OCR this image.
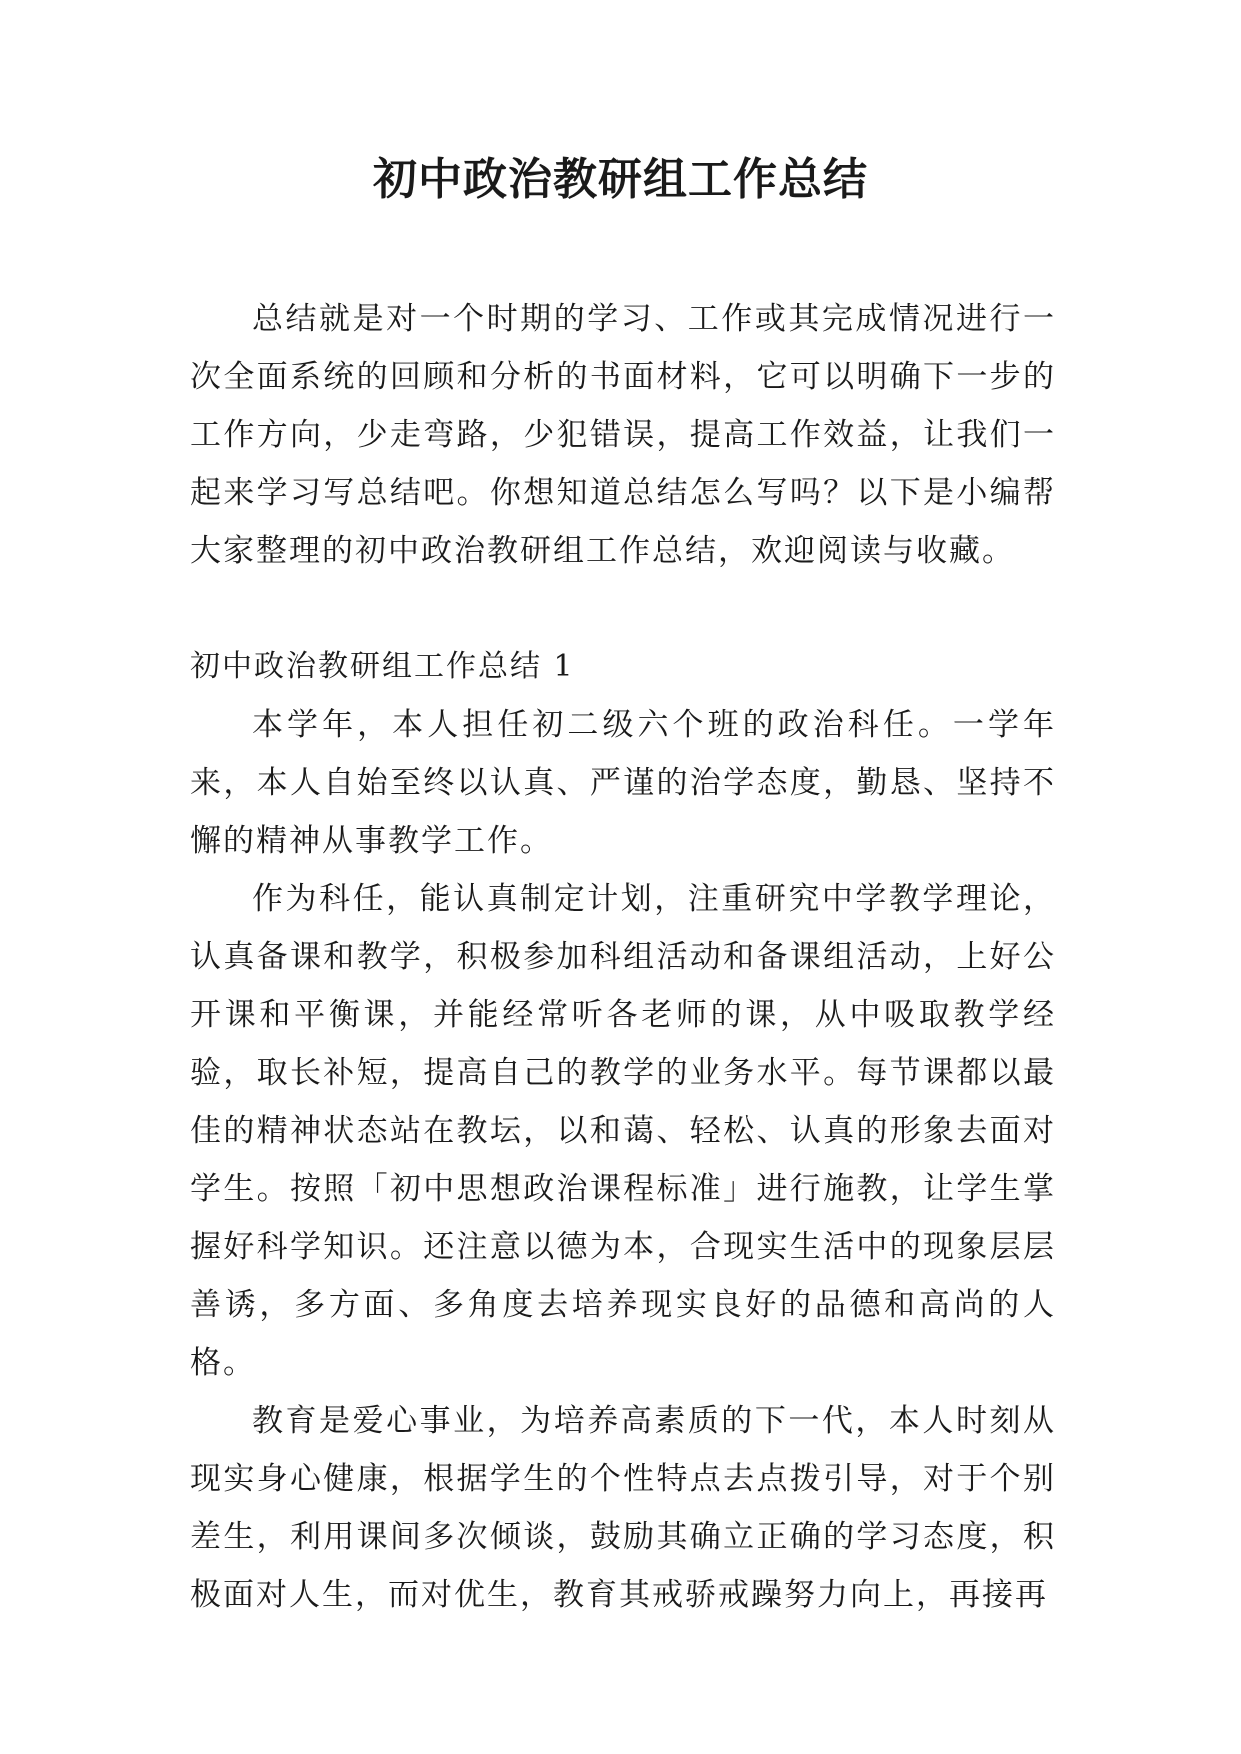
初中政治教研组工作总结

总结就是对一个时期的学习、工作或其完成情况进行一次全面系统的回顾和分析的书面材料，它可以明确下一步的工作方向，少走弯路，少犯错误，提高工作效益，让我们一起来学习写总结吧。你想知道总结怎么写吗？以下是小编帮大家整理的初中政治教研组工作总结，欢迎阅读与收藏。

初中政治教研组工作总结 1

本学年，本人担任初二级六个班的政治科任。一学年来，本人自始至终以认真、严谨的治学态度，勤恳、坚持不懈的精神从事教学工作。

作为科任，能认真制定计划，注重研究中学教学理论，认真备课和教学，积极参加科组活动和备课组活动，上好公开课和平衡课，并能经常听各老师的课，从中吸取教学经验，取长补短，提高自己的教学的业务水平。每节课都以最佳的精神状态站在教坛，以和蔼、轻松、认真的形象去面对学生。按照「初中思想政治课程标准」进行施教，让学生掌握好科学知识。还注意以德为本，合现实生活中的现象层层善诱，多方面、多角度去培养现实良好的品德和高尚的人格。

教育是爱心事业，为培养高素质的下一代，本人时刻从现实身心健康，根据学生的个性特点去点拨引导，对于个别差生，利用课间多次倾谈，鼓励其确立正确的学习态度，积极面对人生，而对优生，教育其戒骄戒躁努力向上，再接再
